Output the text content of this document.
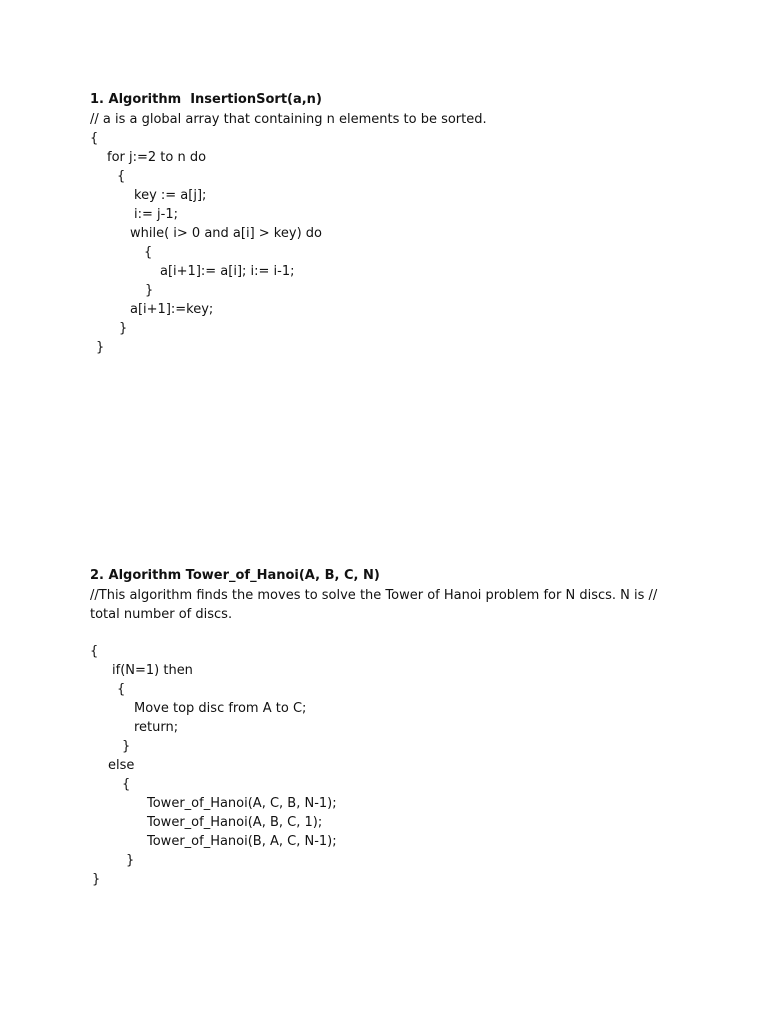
1. Algorithm  InsertionSort(a,n)
// a is a global array that containing n elements to be sorted.
{
for j:=2 to n do
{
key := a[j];
i:= j-1;
while( i> 0 and a[i] > key) do
{
a[i+1]:= a[i]; i:= i-1;
}
a[i+1]:=key;
}
}
2. Algorithm Tower_of_Hanoi(A, B, C, N)
//This algorithm finds the moves to solve the Tower of Hanoi problem for N discs. N is // total number of discs.
{
if(N=1) then
{
Move top disc from A to C;
return;
}
else
{
Tower_of_Hanoi(A, C, B, N-1);
Tower_of_Hanoi(A, B, C, 1);
Tower_of_Hanoi(B, A, C, N-1);
}
}
